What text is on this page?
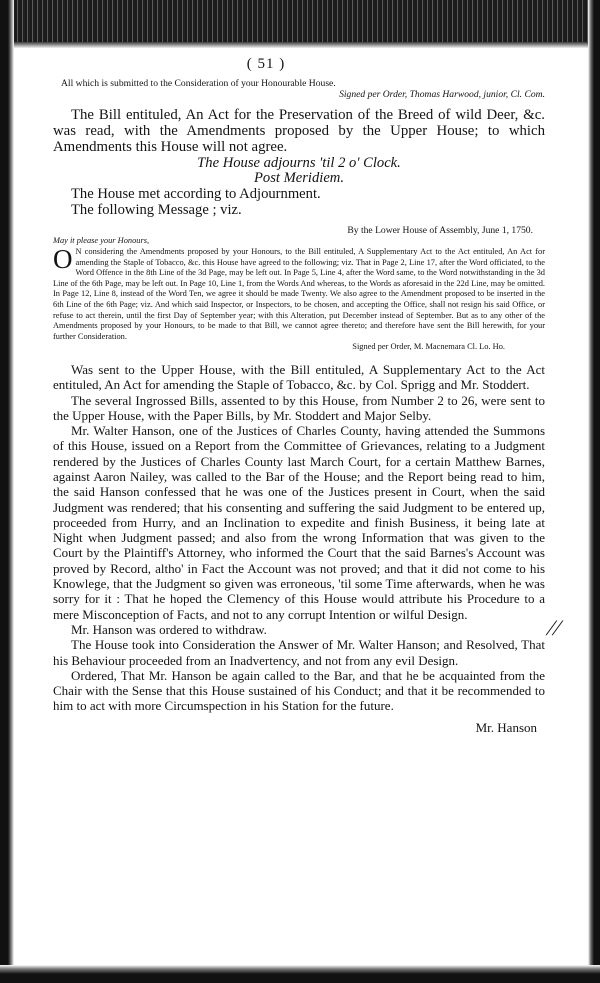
( 51 )

All which is submitted to the Consideration of your Honourable House.

Signed per Order, Thomas Harwood, junior, Cl. Com.

The Bill entituled, An Act for the Preservation of the Breed of wild Deer, &c. was read, with the Amendments proposed by the Upper House; to which Amendments this House will not agree.

The House adjourns 'til 2 o' Clock.

Post Meridiem.

The House met according to Adjournment.

The following Message ; viz.

By the Lower House of Assembly, June 1, 1750.

May it please your Honours,

O N considering the Amendments proposed by your Honours, to the Bill entituled, A Supplementary Act to the Act entituled, An Act for amending the Staple of Tobacco, &c. this House have agreed to the following; viz. That in Page 2, Line 17, after the Word officiated, to the Word Offence in the 8th Line of the 3d Page, may be left out. In Page 5, Line 4, after the Word same, to the Word notwithstanding in the 3d Line of the 6th Page, may be left out. In Page 10, Line 1, from the Words And whereas, to the Words as aforesaid in the 22d Line, may be omitted. In Page 12, Line 8, instead of the Word Ten, we agree it should be made Twenty. We also agree to the Amendment proposed to be inserted in the 6th Line of the 6th Page; viz. And which said Inspector, or Inspectors, to be chosen, and accepting the Office, shall not resign his said Office, or refuse to act therein, until the first Day of September year; with this Alteration, put December instead of September. But as to any other of the Amendments proposed by your Honours, to be made to that Bill, we cannot agree thereto; and therefore have sent the Bill herewith, for your further Consideration.

Signed per Order, M. Macnemara Cl. Lo. Ho.

Was sent to the Upper House, with the Bill entituled, A Supplementary Act to the Act entituled, An Act for amending the Staple of Tobacco, &c. by Col. Sprigg and Mr. Stoddert.

The several Ingrossed Bills, assented to by this House, from Number 2 to 26, were sent to the Upper House, with the Paper Bills, by Mr. Stoddert and Major Selby.

Mr. Walter Hanson, one of the Justices of Charles County, having attended the Summons of this House, issued on a Report from the Committee of Grievances, relating to a Judgment rendered by the Justices of Charles County last March Court, for a certain Matthew Barnes, against Aaron Nailey, was called to the Bar of the House; and the Report being read to him, the said Hanson confessed that he was one of the Justices present in Court, when the said Judgment was rendered; that his consenting and suffering the said Judgment to be entered up, proceeded from Hurry, and an Inclination to expedite and finish Business, it being late at Night when Judgment passed; and also from the wrong Information that was given to the Court by the Plaintiff's Attorney, who informed the Court that the said Barnes's Account was proved by Record, altho' in Fact the Account was not proved; and that it did not come to his Knowlege, that the Judgment so given was erroneous, 'til some Time afterwards, when he was sorry for it : That he hoped the Clemency of this House would attribute his Procedure to a mere Misconception of Facts, and not to any corrupt Intention or wilful Design.

Mr. Hanson was ordered to withdraw.

The House took into Consideration the Answer of Mr. Walter Hanson; and Resolved, That his Behaviour proceeded from an Inadvertency, and not from any evil Design.

Ordered, That Mr. Hanson be again called to the Bar, and that he be acquainted from the Chair with the Sense that this House sustained of his Conduct; and that it be recommended to him to act with more Circumspection in his Station for the future.

Mr. Hanson

//
